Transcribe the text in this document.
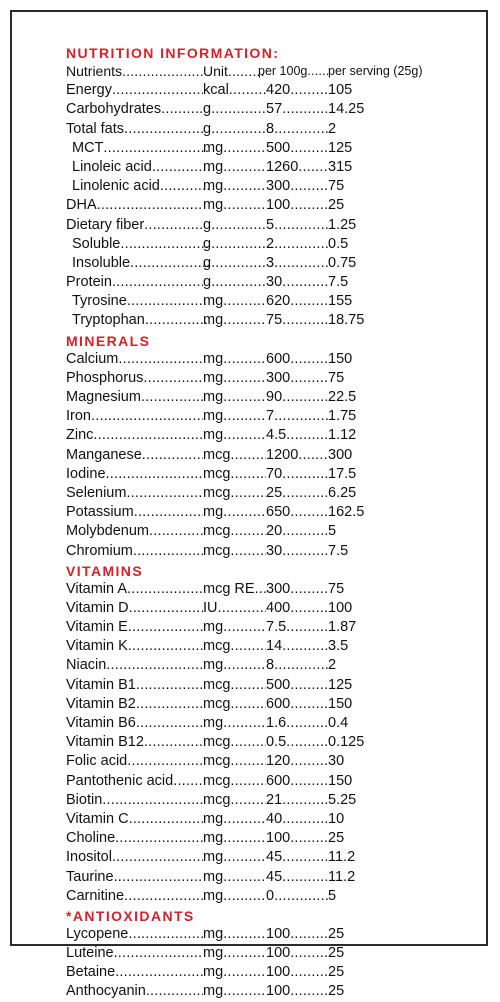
NUTRITION INFORMATION:
Nutrients .....	Unit .....	per 100g .....	per serving (25g)
Energy .....	kcal .....	420 .....	105
Carbohydrates .....	g .....	57 .....	14.25
Total fats .....	g .....	8 .....	2
MCT .....	mg .....	500 .....	125
Linoleic acid .....	mg .....	1260 .....	315
Linolenic acid .....	mg .....	300 .....	75
DHA .....	mg .....	100 .....	25
Dietary fiber .....	g .....	5 .....	1.25
Soluble .....	g .....	2 .....	0.5
Insoluble .....	g .....	3 .....	0.75
Protein .....	g .....	30 .....	7.5
Tyrosine .....	mg .....	620 .....	155
Tryptophan .....	mg .....	75 .....	18.75
MINERALS
Calcium .....	mg .....	600 .....	150
Phosphorus .....	mg .....	300 .....	75
Magnesium .....	mg .....	90 .....	22.5
Iron .....	mg .....	7 .....	1.75
Zinc .....	mg .....	4.5 .....	1.12
Manganese .....	mcg .....	1200 .....	300
Iodine .....	mcg .....	70 .....	17.5
Selenium .....	mcg .....	25 .....	6.25
Potassium .....	mg .....	650 .....	162.5
Molybdenum .....	mcg .....	20 .....	5
Chromium .....	mcg .....	30 .....	7.5
VITAMINS
Vitamin A .....	mcg RE ..... 300 .....	75
Vitamin D .....	IU .....	400 .....	100
Vitamin E .....	mg .....	7.5 .....	1.87
Vitamin K .....	mcg .....	14 .....	3.5
Niacin .....	mg .....	8 .....	2
Vitamin B1 .....	mcg .....	500 .....	125
Vitamin B2 .....	mcg .....	600 .....	150
Vitamin B6 .....	mg .....	1.6 .....	0.4
Vitamin B12 .....	mcg .....	0.5 .....	0.125
Folic acid .....	mcg .....	120 .....	30
Pantothenic acid .....	mcg .....	600 .....	150
Biotin .....	mcg .....	21 .....	5.25
Vitamin C .....	mg .....	40 .....	10
Choline .....	mg .....	100 .....	25
Inositol .....	mg .....	45 .....	11.2
Taurine .....	mg .....	45 .....	11.2
Carnitine .....	mg .....	0 .....	5
*ANTIOXIDANTS
Lycopene .....	mg .....	100 .....	25
Luteine .....	mg .....	100 .....	25
Betaine .....	mg .....	100 .....	25
Anthocyanin .....	mg .....	100 .....	25
